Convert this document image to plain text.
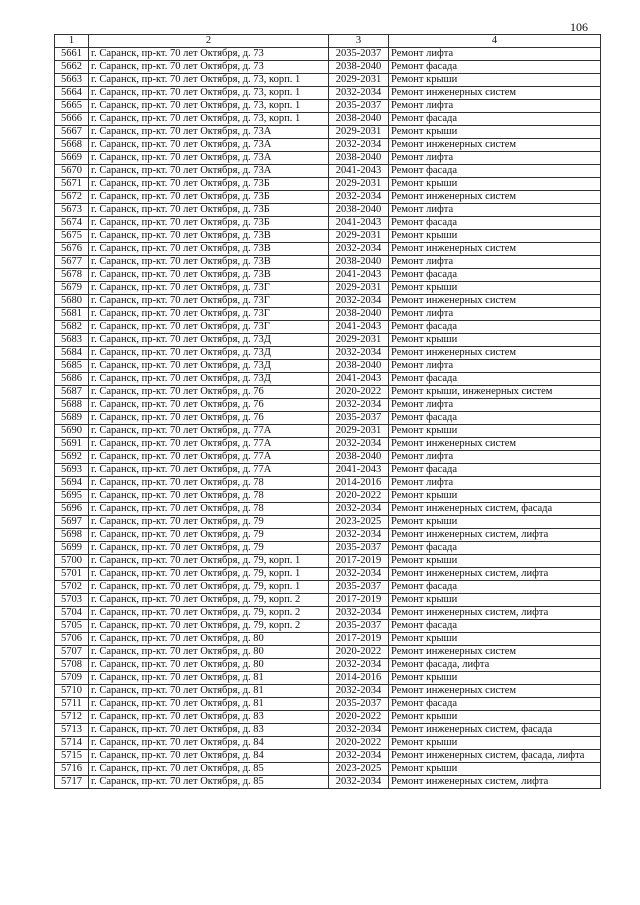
106
1	2	3	4
5661	г. Саранск, пр-кт. 70 лет Октября, д. 73	2035-2037	Ремонт лифта
5662	г. Саранск, пр-кт. 70 лет Октября, д. 73	2038-2040	Ремонт фасада
5663	г. Саранск, пр-кт. 70 лет Октября, д. 73, корп. 1	2029-2031	Ремонт крыши
5664	г. Саранск, пр-кт. 70 лет Октября, д. 73, корп. 1	2032-2034	Ремонт инженерных систем
5665	г. Саранск, пр-кт. 70 лет Октября, д. 73, корп. 1	2035-2037	Ремонт лифта
5666	г. Саранск, пр-кт. 70 лет Октября, д. 73, корп. 1	2038-2040	Ремонт фасада
5667	г. Саранск, пр-кт. 70 лет Октября, д. 73А	2029-2031	Ремонт крыши
5668	г. Саранск, пр-кт. 70 лет Октября, д. 73А	2032-2034	Ремонт инженерных систем
5669	г. Саранск, пр-кт. 70 лет Октября, д. 73А	2038-2040	Ремонт лифта
5670	г. Саранск, пр-кт. 70 лет Октября, д. 73А	2041-2043	Ремонт фасада
5671	г. Саранск, пр-кт. 70 лет Октября, д. 73Б	2029-2031	Ремонт крыши
5672	г. Саранск, пр-кт. 70 лет Октября, д. 73Б	2032-2034	Ремонт инженерных систем
5673	г. Саранск, пр-кт. 70 лет Октября, д. 73Б	2038-2040	Ремонт лифта
5674	г. Саранск, пр-кт. 70 лет Октября, д. 73Б	2041-2043	Ремонт фасада
5675	г. Саранск, пр-кт. 70 лет Октября, д. 73В	2029-2031	Ремонт крыши
5676	г. Саранск, пр-кт. 70 лет Октября, д. 73В	2032-2034	Ремонт инженерных систем
5677	г. Саранск, пр-кт. 70 лет Октября, д. 73В	2038-2040	Ремонт лифта
5678	г. Саранск, пр-кт. 70 лет Октября, д. 73В	2041-2043	Ремонт фасада
5679	г. Саранск, пр-кт. 70 лет Октября, д. 73Г	2029-2031	Ремонт крыши
5680	г. Саранск, пр-кт. 70 лет Октября, д. 73Г	2032-2034	Ремонт инженерных систем
5681	г. Саранск, пр-кт. 70 лет Октября, д. 73Г	2038-2040	Ремонт лифта
5682	г. Саранск, пр-кт. 70 лет Октября, д. 73Г	2041-2043	Ремонт фасада
5683	г. Саранск, пр-кт. 70 лет Октября, д. 73Д	2029-2031	Ремонт крыши
5684	г. Саранск, пр-кт. 70 лет Октября, д. 73Д	2032-2034	Ремонт инженерных систем
5685	г. Саранск, пр-кт. 70 лет Октября, д. 73Д	2038-2040	Ремонт лифта
5686	г. Саранск, пр-кт. 70 лет Октября, д. 73Д	2041-2043	Ремонт фасада
5687	г. Саранск, пр-кт. 70 лет Октября, д. 76	2020-2022	Ремонт крыши, инженерных систем
5688	г. Саранск, пр-кт. 70 лет Октября, д. 76	2032-2034	Ремонт лифта
5689	г. Саранск, пр-кт. 70 лет Октября, д. 76	2035-2037	Ремонт фасада
5690	г. Саранск, пр-кт. 70 лет Октября, д. 77А	2029-2031	Ремонт крыши
5691	г. Саранск, пр-кт. 70 лет Октября, д. 77А	2032-2034	Ремонт инженерных систем
5692	г. Саранск, пр-кт. 70 лет Октября, д. 77А	2038-2040	Ремонт лифта
5693	г. Саранск, пр-кт. 70 лет Октября, д. 77А	2041-2043	Ремонт фасада
5694	г. Саранск, пр-кт. 70 лет Октября, д. 78	2014-2016	Ремонт лифта
5695	г. Саранск, пр-кт. 70 лет Октября, д. 78	2020-2022	Ремонт крыши
5696	г. Саранск, пр-кт. 70 лет Октября, д. 78	2032-2034	Ремонт инженерных систем, фасада
5697	г. Саранск, пр-кт. 70 лет Октября, д. 79	2023-2025	Ремонт крыши
5698	г. Саранск, пр-кт. 70 лет Октября, д. 79	2032-2034	Ремонт инженерных систем, лифта
5699	г. Саранск, пр-кт. 70 лет Октября, д. 79	2035-2037	Ремонт фасада
5700	г. Саранск, пр-кт. 70 лет Октября, д. 79, корп. 1	2017-2019	Ремонт крыши
5701	г. Саранск, пр-кт. 70 лет Октября, д. 79, корп. 1	2032-2034	Ремонт инженерных систем, лифта
5702	г. Саранск, пр-кт. 70 лет Октября, д. 79, корп. 1	2035-2037	Ремонт фасада
5703	г. Саранск, пр-кт. 70 лет Октября, д. 79, корп. 2	2017-2019	Ремонт крыши
5704	г. Саранск, пр-кт. 70 лет Октября, д. 79, корп. 2	2032-2034	Ремонт инженерных систем, лифта
5705	г. Саранск, пр-кт. 70 лет Октября, д. 79, корп. 2	2035-2037	Ремонт фасада
5706	г. Саранск, пр-кт. 70 лет Октября, д. 80	2017-2019	Ремонт крыши
5707	г. Саранск, пр-кт. 70 лет Октября, д. 80	2020-2022	Ремонт инженерных систем
5708	г. Саранск, пр-кт. 70 лет Октября, д. 80	2032-2034	Ремонт фасада, лифта
5709	г. Саранск, пр-кт. 70 лет Октября, д. 81	2014-2016	Ремонт крыши
5710	г. Саранск, пр-кт. 70 лет Октября, д. 81	2032-2034	Ремонт инженерных систем
5711	г. Саранск, пр-кт. 70 лет Октября, д. 81	2035-2037	Ремонт фасада
5712	г. Саранск, пр-кт. 70 лет Октября, д. 83	2020-2022	Ремонт крыши
5713	г. Саранск, пр-кт. 70 лет Октября, д. 83	2032-2034	Ремонт инженерных систем, фасада
5714	г. Саранск, пр-кт. 70 лет Октября, д. 84	2020-2022	Ремонт крыши
5715	г. Саранск, пр-кт. 70 лет Октября, д. 84	2032-2034	Ремонт инженерных систем, фасада, лифта
5716	г. Саранск, пр-кт. 70 лет Октября, д. 85	2023-2025	Ремонт крыши
5717	г. Саранск, пр-кт. 70 лет Октября, д. 85	2032-2034	Ремонт инженерных систем, лифта
